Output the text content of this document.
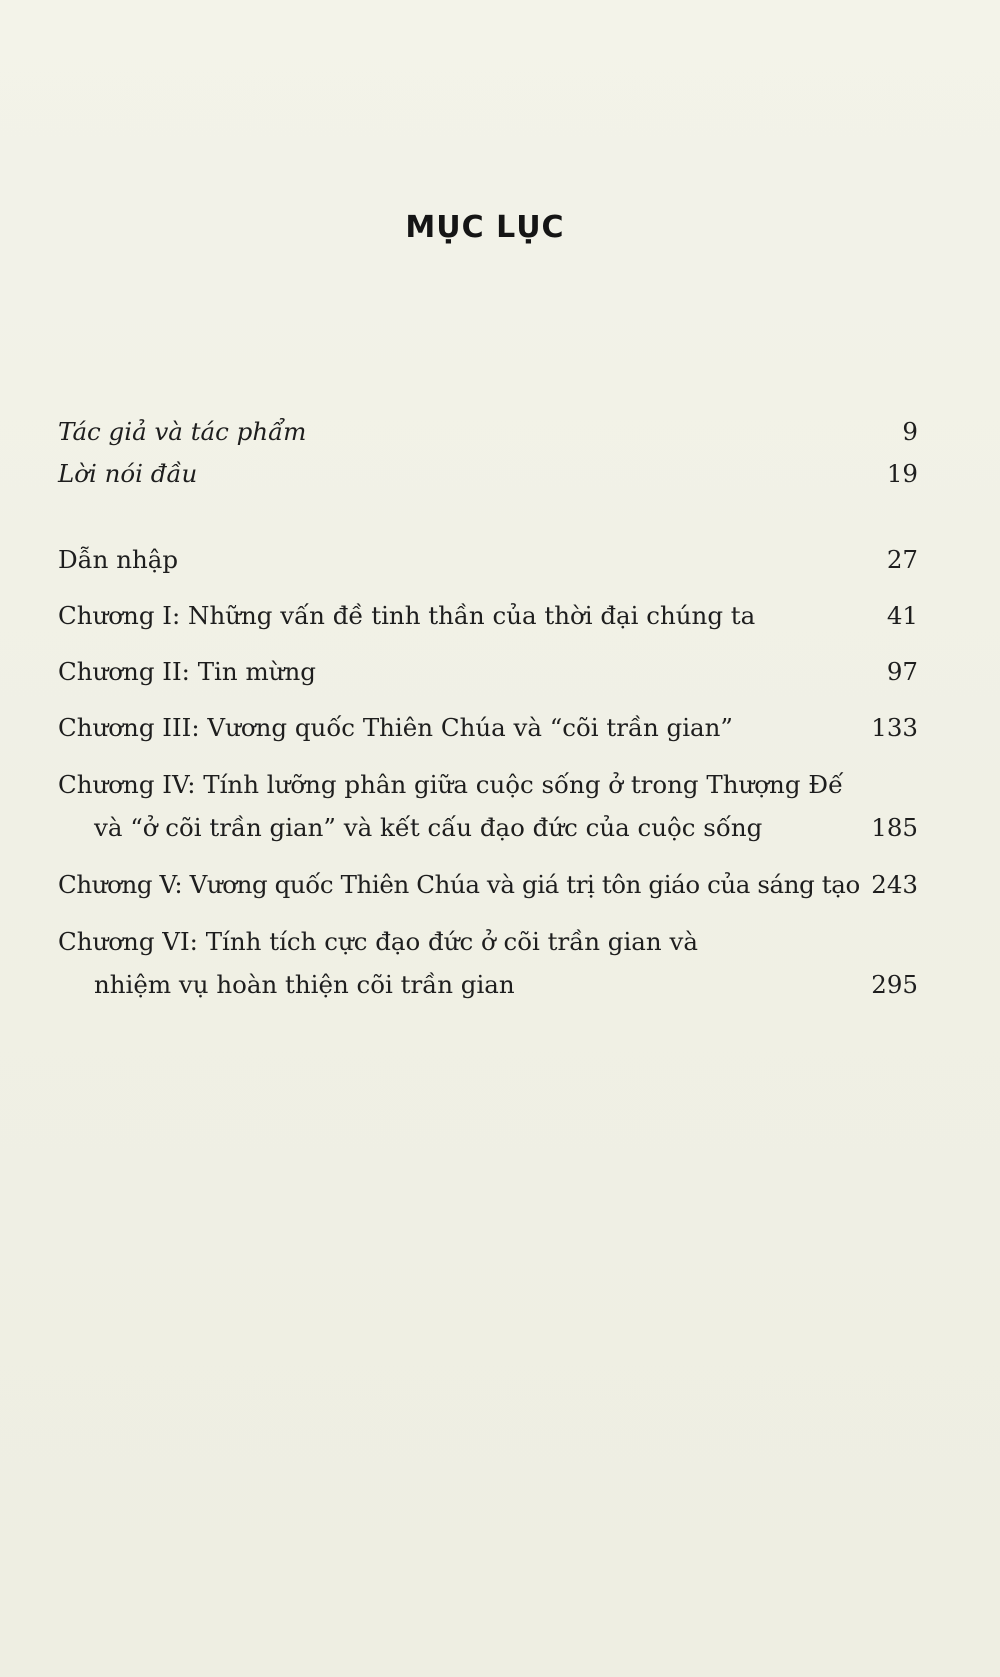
MỤC LỤC
Tác giả và tác phẩm	9
Lời nói đầu	19
Dẫn nhập	27
Chương I: Những vấn đề tinh thần của thời đại chúng ta	41
Chương II: Tin mừng	97
Chương III: Vương quốc Thiên Chúa và “cõi trần gian”	133
Chương IV: Tính lưỡng phân giữa cuộc sống ở trong Thượng Đế
và “ở cõi trần gian” và kết cấu đạo đức của cuộc sống	185
Chương V: Vương quốc Thiên Chúa và giá trị tôn giáo của sáng tạo 243
Chương VI: Tính tích cực đạo đức ở cõi trần gian và
nhiệm vụ hoàn thiện cõi trần gian	295
